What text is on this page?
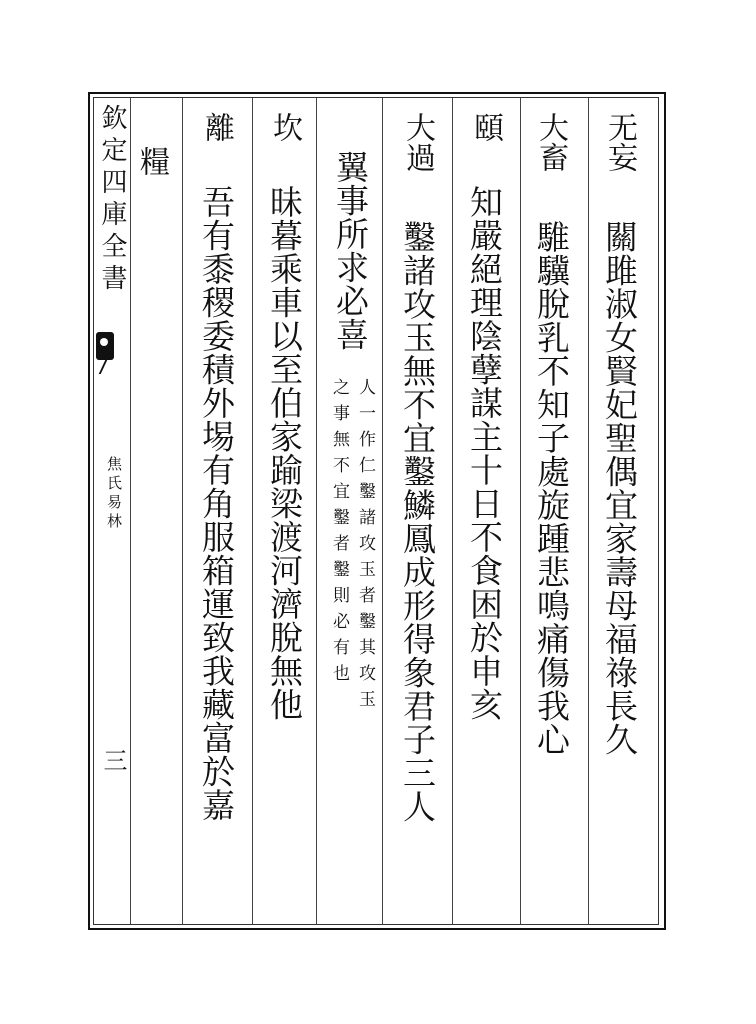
欽定四庫全書
焦氏易林
三
无妄
關雎淑女賢妃聖偶宜家壽母福祿長久
大畜
騅驥脫乳不知子處旋踵悲鳴痛傷我心
頤
知嚴絕理陰孽謀主十日不食困於申亥
大過
鑿諸攻玉無不宜鑿鱗鳳成形得象君子三人
翼事所求必喜
人一作仁鑿諸攻玉者鑿其攻玉
之事無不宜鑿者鑿則必有也
坎
昧暮乘車以至伯家踰梁渡河濟脫無他
離
吾有黍稷委積外埸有角服箱運致我藏富於嘉
糧
